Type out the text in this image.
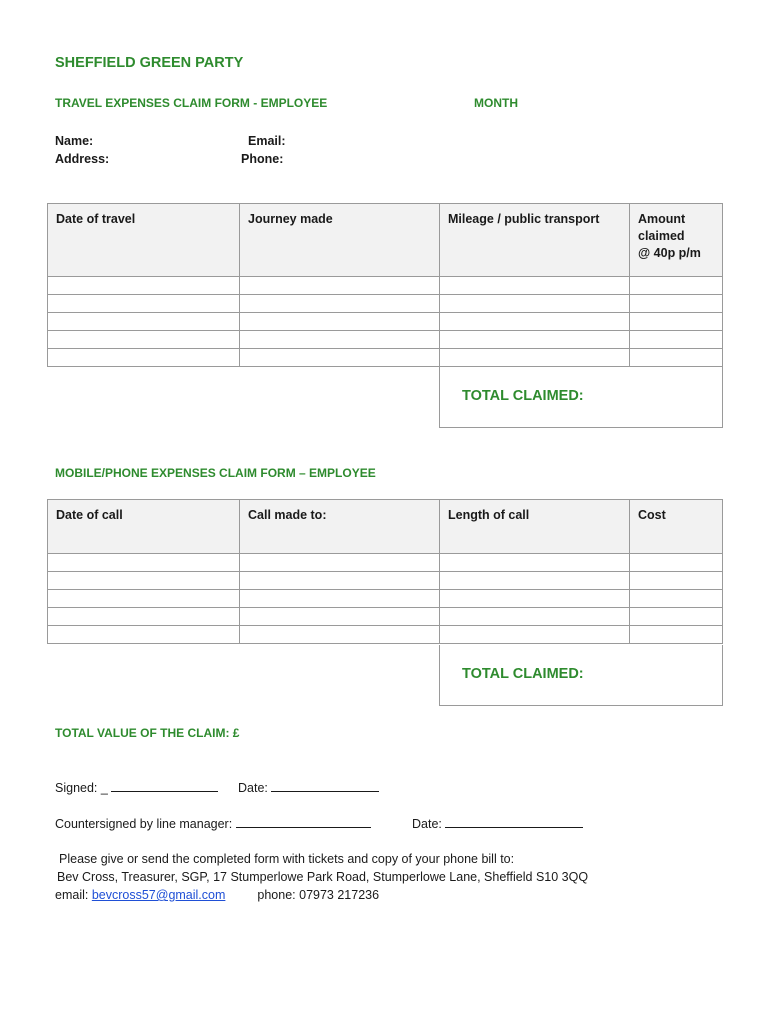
SHEFFIELD GREEN PARTY
TRAVEL EXPENSES CLAIM FORM - EMPLOYEE	MONTH
Name:
Address:
Email:
Phone:
Date of travel	Journey made	Mileage / public transport	Amount
claimed
@ 40p p/m

TOTAL CLAIMED:
MOBILE/PHONE EXPENSES CLAIM FORM – EMPLOYEE
Date of call	Call made to:	Length of call	Cost

TOTAL CLAIMED:
TOTAL VALUE OF THE CLAIM: £
Signed: _	Date:
Countersigned by line manager:	Date:
Please give or send the completed form with tickets and copy of your phone bill to:
Bev Cross, Treasurer, SGP, 17 Stumperlowe Park Road, Stumperlowe Lane, Sheffield S10 3QQ
email: bevcross57@gmail.com	phone: 07973 217236
